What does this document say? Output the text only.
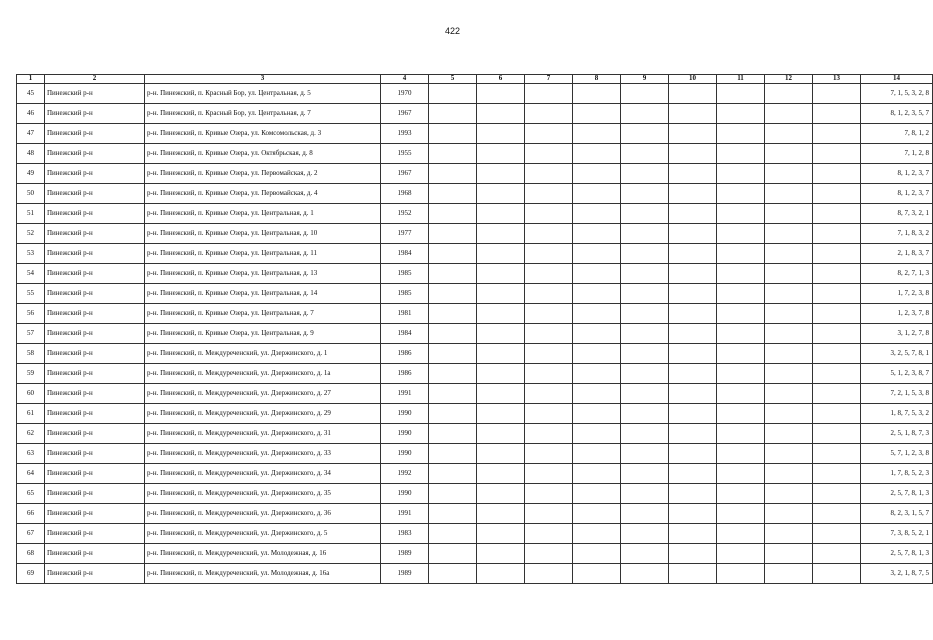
422
1	2	3	4	5	6	7	8	9	10	11	12	13	14
45	Пинежский р-н	р-н. Пинежский, п. Красный Бор, ул. Центральная, д. 5	1970										7, 1, 5, 3, 2, 8
46	Пинежский р-н	р-н. Пинежский, п. Красный Бор, ул. Центральная, д. 7	1967										8, 1, 2, 3, 5, 7
47	Пинежский р-н	р-н. Пинежский, п. Кривые Озера, ул. Комсомольская, д. 3	1993										7, 8, 1, 2
48	Пинежский р-н	р-н. Пинежский, п. Кривые Озера, ул. Октябрьская, д. 8	1955										7, 1, 2, 8
49	Пинежский р-н	р-н. Пинежский, п. Кривые Озера, ул. Первомайская, д. 2	1967										8, 1, 2, 3, 7
50	Пинежский р-н	р-н. Пинежский, п. Кривые Озера, ул. Первомайская, д. 4	1968										8, 1, 2, 3, 7
51	Пинежский р-н	р-н. Пинежский, п. Кривые Озера, ул. Центральная, д. 1	1952										8, 7, 3, 2, 1
52	Пинежский р-н	р-н. Пинежский, п. Кривые Озера, ул. Центральная, д. 10	1977										7, 1, 8, 3, 2
53	Пинежский р-н	р-н. Пинежский, п. Кривые Озера, ул. Центральная, д. 11	1984										2, 1, 8, 3, 7
54	Пинежский р-н	р-н. Пинежский, п. Кривые Озера, ул. Центральная, д. 13	1985										8, 2, 7, 1, 3
55	Пинежский р-н	р-н. Пинежский, п. Кривые Озера, ул. Центральная, д. 14	1985										1, 7, 2, 3, 8
56	Пинежский р-н	р-н. Пинежский, п. Кривые Озера, ул. Центральная, д. 7	1981										1, 2, 3, 7, 8
57	Пинежский р-н	р-н. Пинежский, п. Кривые Озера, ул. Центральная, д. 9	1984										3, 1, 2, 7, 8
58	Пинежский р-н	р-н. Пинежский, п. Междуреченский, ул. Дзержинского, д. 1	1986										3, 2, 5, 7, 8, 1
59	Пинежский р-н	р-н. Пинежский, п. Междуреченский, ул. Дзержинского, д. 1а	1986										5, 1, 2, 3, 8, 7
60	Пинежский р-н	р-н. Пинежский, п. Междуреченский, ул. Дзержинского, д. 27	1991										7, 2, 1, 5, 3, 8
61	Пинежский р-н	р-н. Пинежский, п. Междуреченский, ул. Дзержинского, д. 29	1990										1, 8, 7, 5, 3, 2
62	Пинежский р-н	р-н. Пинежский, п. Междуреченский, ул. Дзержинского, д. 31	1990										2, 5, 1, 8, 7, 3
63	Пинежский р-н	р-н. Пинежский, п. Междуреченский, ул. Дзержинского, д. 33	1990										5, 7, 1, 2, 3, 8
64	Пинежский р-н	р-н. Пинежский, п. Междуреченский, ул. Дзержинского, д. 34	1992										1, 7, 8, 5, 2, 3
65	Пинежский р-н	р-н. Пинежский, п. Междуреченский, ул. Дзержинского, д. 35	1990										2, 5, 7, 8, 1, 3
66	Пинежский р-н	р-н. Пинежский, п. Междуреченский, ул. Дзержинского, д. 36	1991										8, 2, 3, 1, 5, 7
67	Пинежский р-н	р-н. Пинежский, п. Междуреченский, ул. Дзержинского, д. 5	1983										7, 3, 8, 5, 2, 1
68	Пинежский р-н	р-н. Пинежский, п. Междуреченский, ул. Молодежная, д. 16	1989										2, 5, 7, 8, 1, 3
69	Пинежский р-н	р-н. Пинежский, п. Междуреченский, ул. Молодежная, д. 16а	1989										3, 2, 1, 8, 7, 5
